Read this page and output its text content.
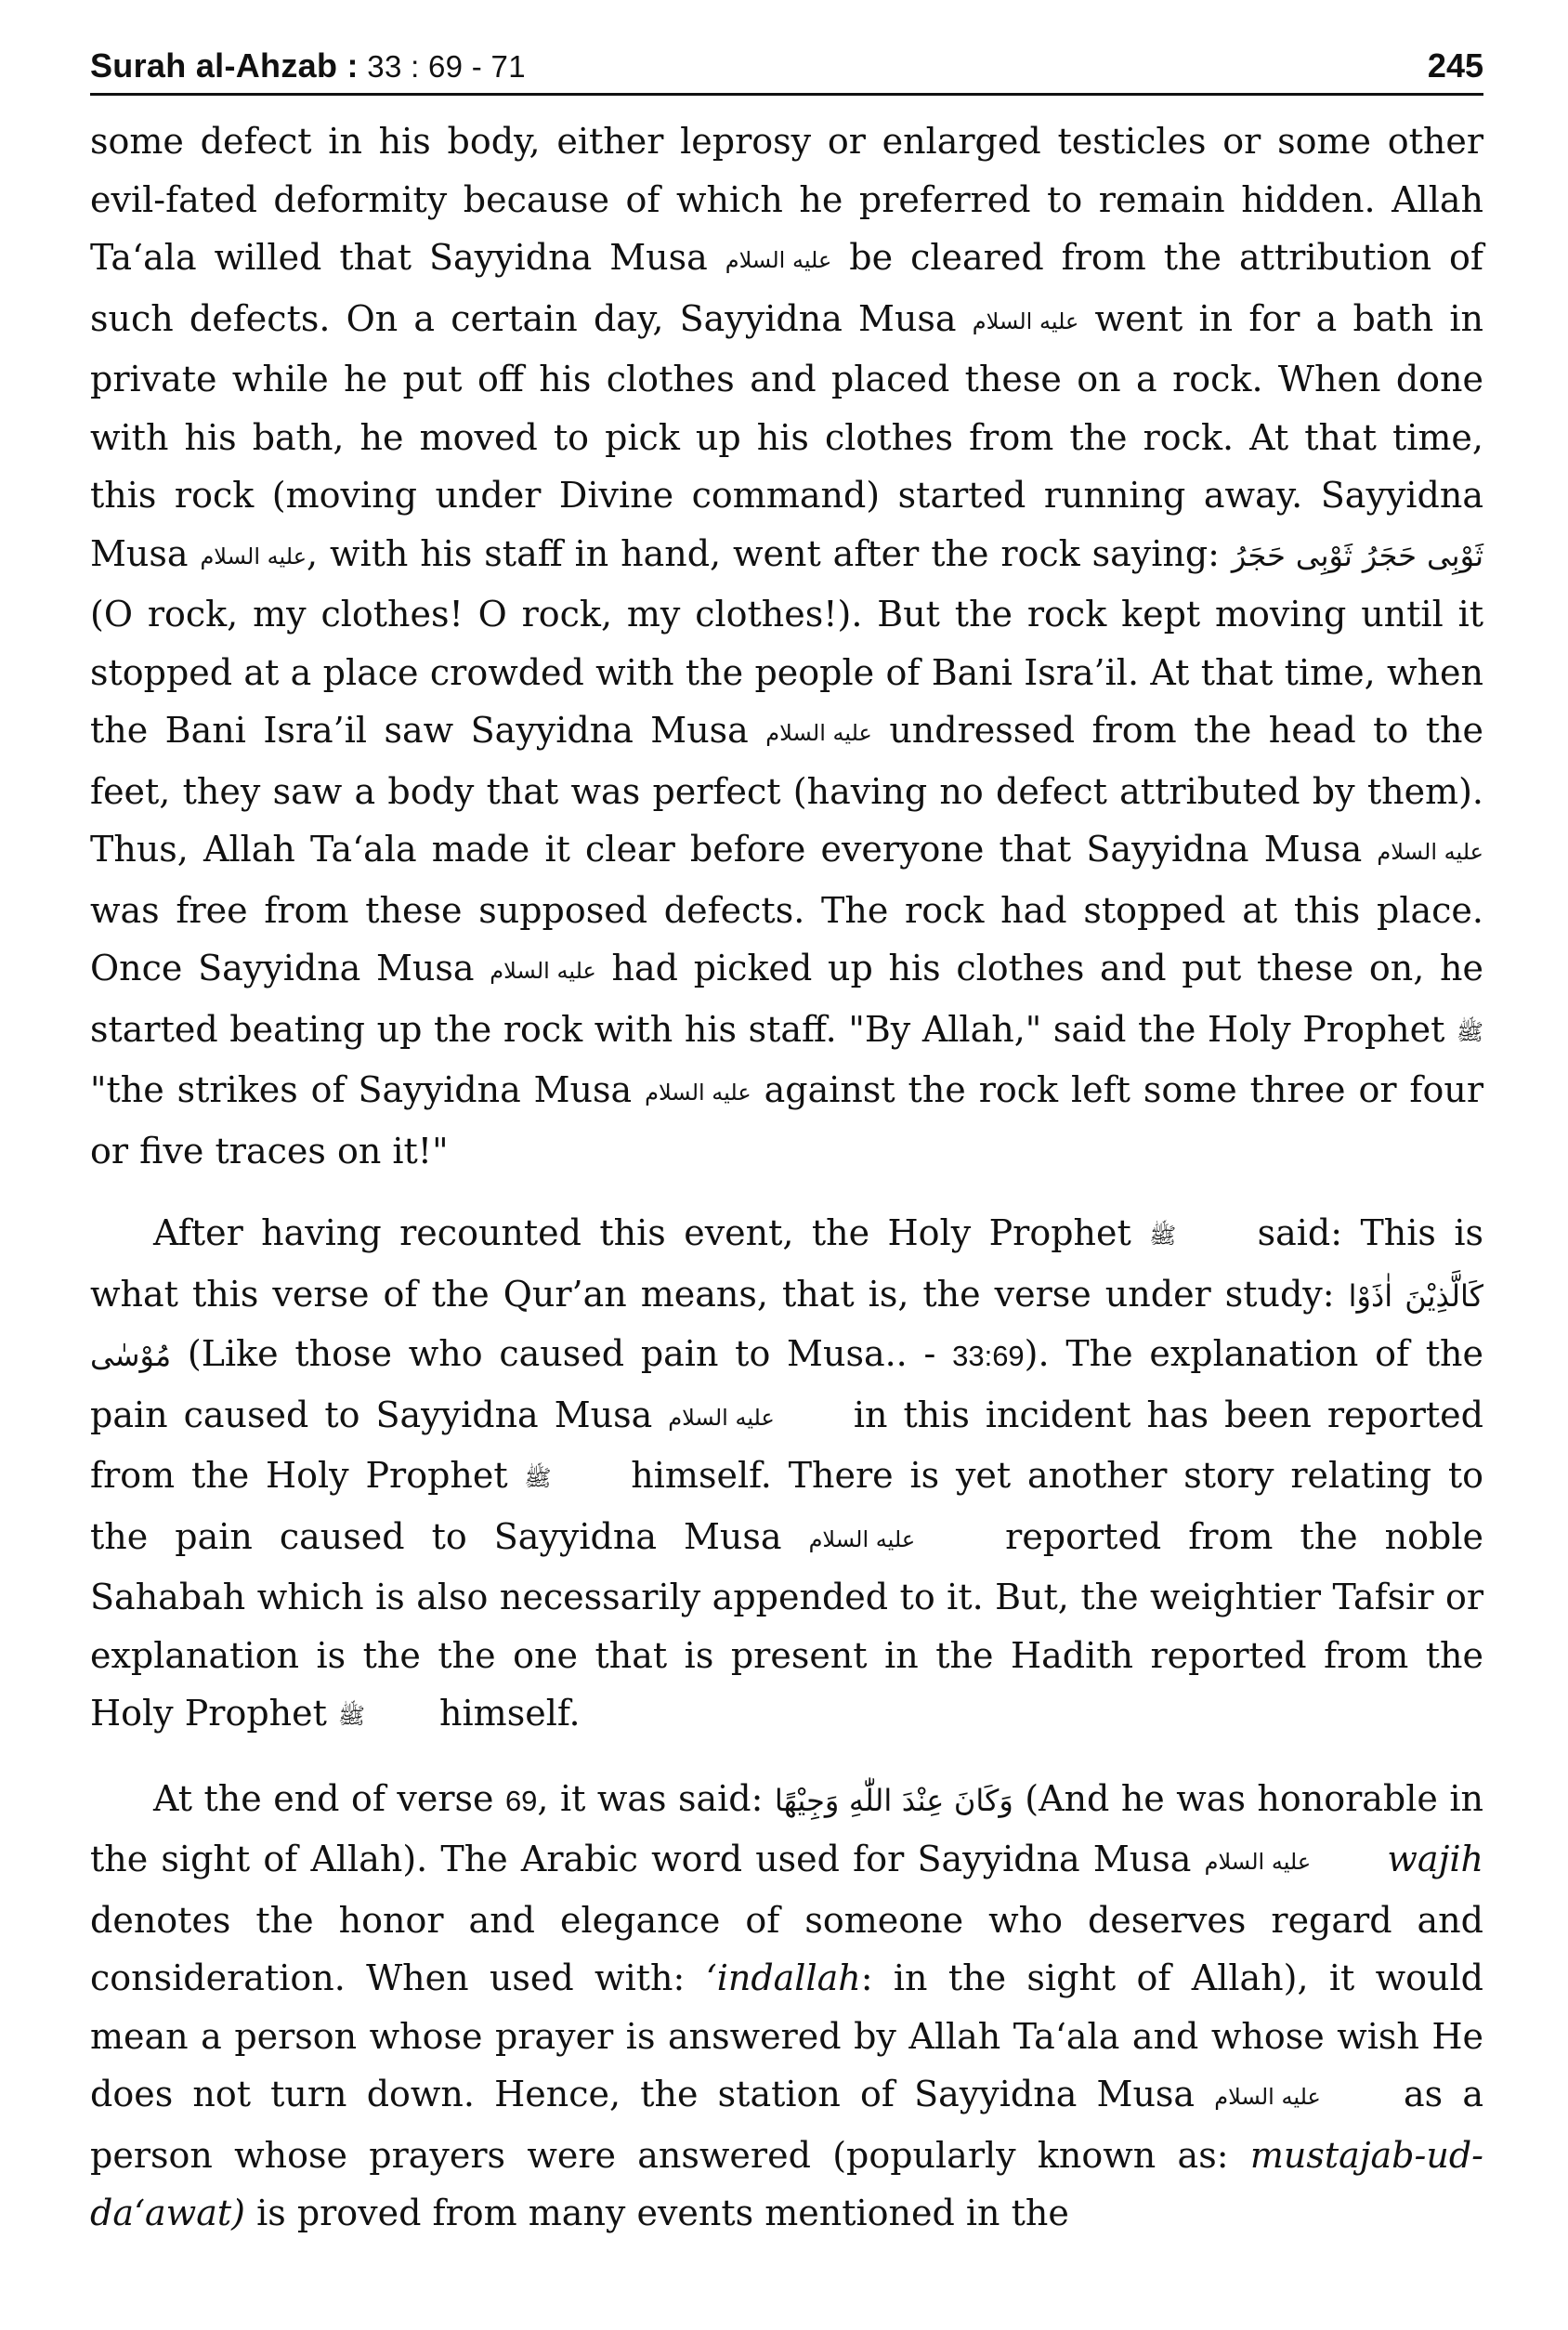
Surah al-Ahzab : 33 : 69 - 71	245

some defect in his body, either leprosy or enlarged testicles or some other evil-fated deformity because of which he preferred to remain hidden. Allah Ta‘ala willed that Sayyidna Musa عليه السلام be cleared from the attribution of such defects. On a certain day, Sayyidna Musa عليه السلام went in for a bath in private while he put off his clothes and placed these on a rock. When done with his bath, he moved to pick up his clothes from the rock. At that time, this rock (moving under Divine command) started running away. Sayyidna Musa عليه السلام, with his staff in hand, went after the rock saying: ثَوْبِی حَجَرُ ثَوْبِی حَجَرُ (O rock, my clothes! O rock, my clothes!). But the rock kept moving until it stopped at a place crowded with the people of Bani Isra’il. At that time, when the Bani Isra’il saw Sayyidna Musa عليه السلام undressed from the head to the feet, they saw a body that was perfect (having no defect attributed by them). Thus, Allah Ta‘ala made it clear before everyone that Sayyidna Musa عليه السلام was free from these supposed defects. The rock had stopped at this place. Once Sayyidna Musa عليه السلام had picked up his clothes and put these on, he started beating up the rock with his staff. "By Allah," said the Holy Prophet ﷺ "the strikes of Sayyidna Musa عليه السلام against the rock left some three or four or five traces on it!"

After having recounted this event, the Holy Prophet ﷺ said: This is what this verse of the Qur’an means, that is, the verse under study: كَالَّذِيْنَ اٰذَوْا مُوْسٰى (Like those who caused pain to Musa.. - 33:69). The explanation of the pain caused to Sayyidna Musa عليه السلام in this incident has been reported from the Holy Prophet ﷺ himself. There is yet another story relating to the pain caused to Sayyidna Musa عليه السلام reported from the noble Sahabah which is also necessarily appended to it. But, the weightier Tafsir or explanation is the the one that is present in the Hadith reported from the Holy Prophet ﷺ himself.

At the end of verse 69, it was said: وَكَانَ عِنْدَ اللّٰهِ وَجِيْهًا (And he was honorable in the sight of Allah). The Arabic word used for Sayyidna Musa عليه السلام wajih denotes the honor and elegance of someone who deserves regard and consideration. When used with: ‘indallah: in the sight of Allah), it would mean a person whose prayer is answered by Allah Ta‘ala and whose wish He does not turn down. Hence, the station of Sayyidna Musa عليه السلام as a person whose prayers were answered (popularly known as: mustajab-ud-da‘awat) is proved from many events mentioned in the
